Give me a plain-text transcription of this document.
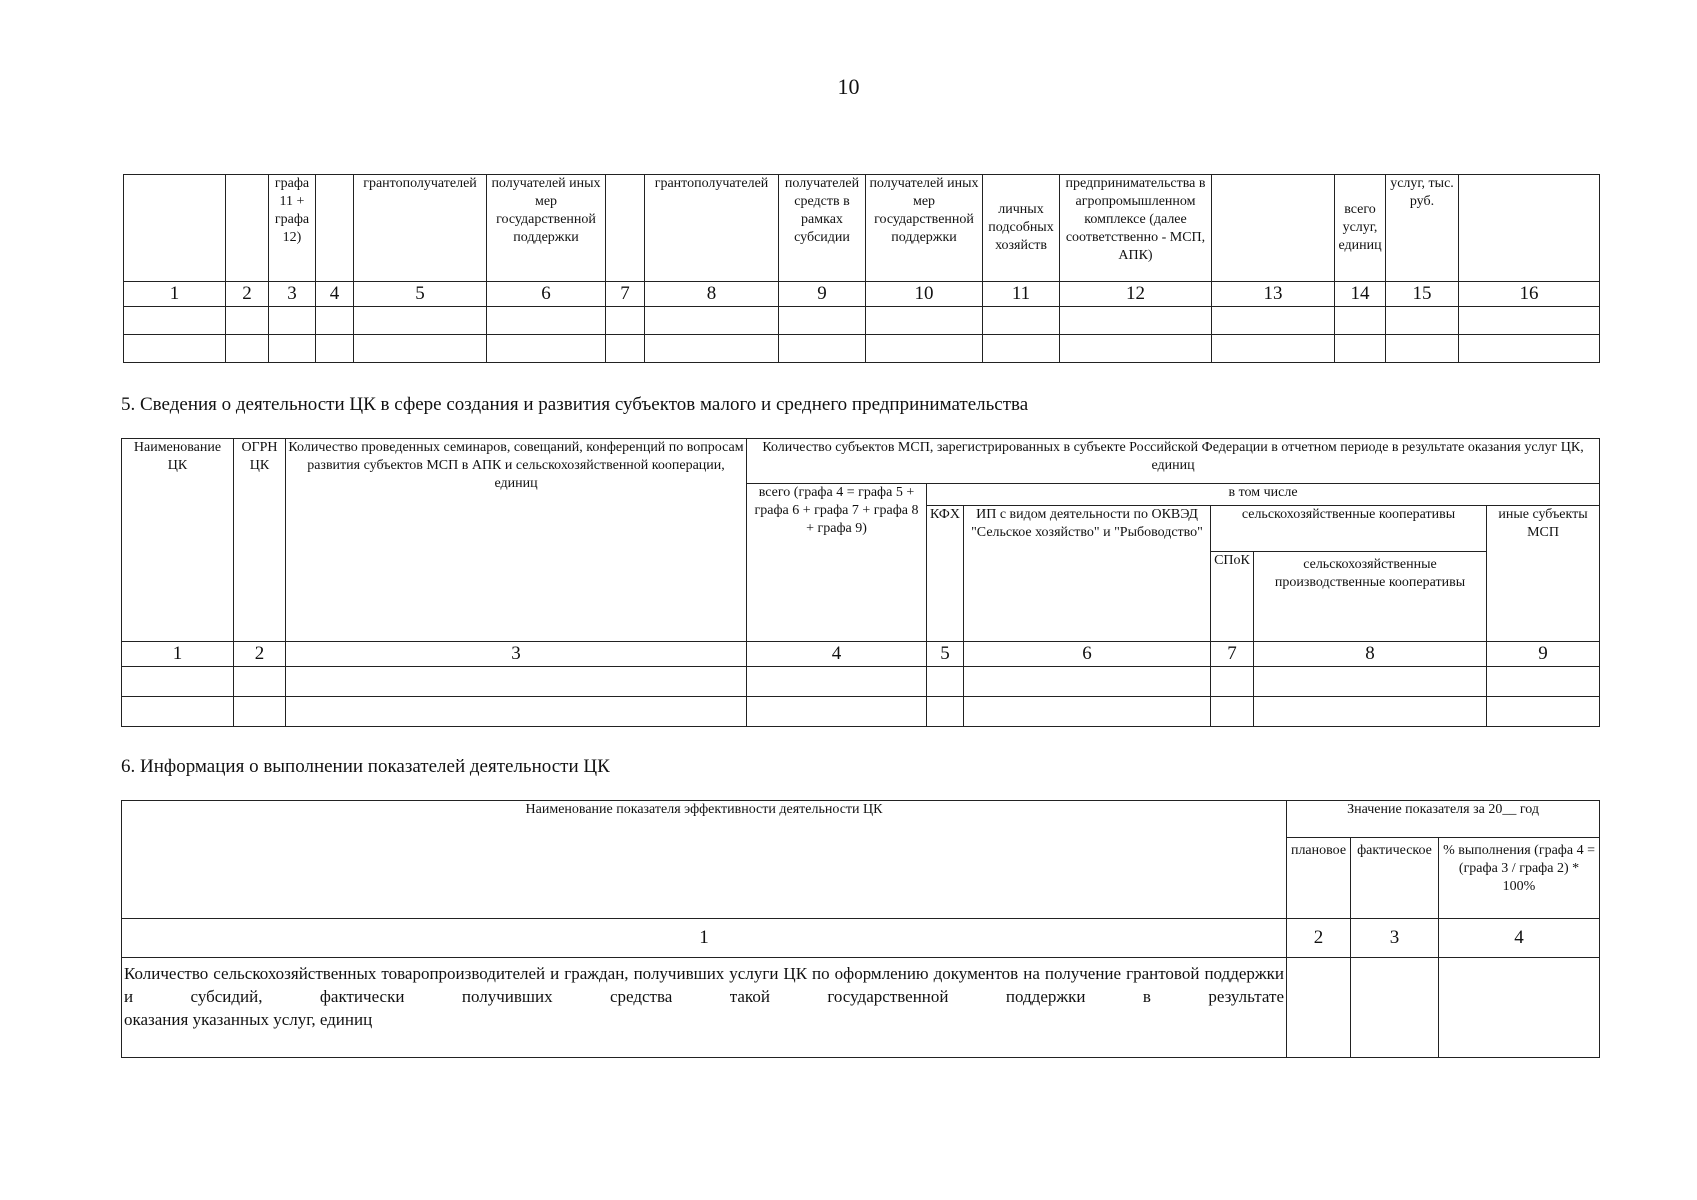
10
		графа 11 + графа 12)		грантополучателей	получателей иных мер государственной поддержки		грантополучателей	получателей средств в рамках субсидии	получателей иных мер государственной поддержки	личных подсобных хозяйств	предпринимательства в агропромышленном комплексе (далее соответственно - МСП, АПК)		всего услуг, единиц	услуг, тыс. руб.	
1	2	3	4	5	6	7	8	9	10	11	12	13	14	15	16

5. Сведения о деятельности ЦК в сфере создания и развития субъектов малого и среднего предпринимательства
Наименование ЦК	ОГРН ЦК	Количество проведенных семинаров, совещаний, конференций по вопросам развития субъектов МСП в АПК и сельскохозяйственной кооперации, единиц	Количество субъектов МСП, зарегистрированных в субъекте Российской Федерации в отчетном периоде в результате оказания услуг ЦК, единиц					
			всего (графа 4 = графа 5 + графа 6 + графа 7 + графа 8 + графа 9)	в том числе				
				КФХ	ИП с видом деятельности по ОКВЭД "Сельское хозяйство" и "Рыбоводство"	сельскохозяйственные кооперативы		иные субъекты МСП
						СПоК	сельскохозяйственные производственные кооперативы	
1	2	3	4	5	6	7	8	9

6. Информация о выполнении показателей деятельности ЦК
Наименование показателя эффективности деятельности ЦК	Значение показателя за 20__ год		
	плановое	фактическое	% выполнения (графа 4 = (графа 3 / графа 2) * 100%
1	2	3	4
Количество сельскохозяйственных товаропроизводителей и граждан, получивших услуги ЦК по оформлению документов на получение грантовой поддержки и субсидий, фактически получивших средства такой государственной поддержки в результате
оказания указанных услуг, единиц			
